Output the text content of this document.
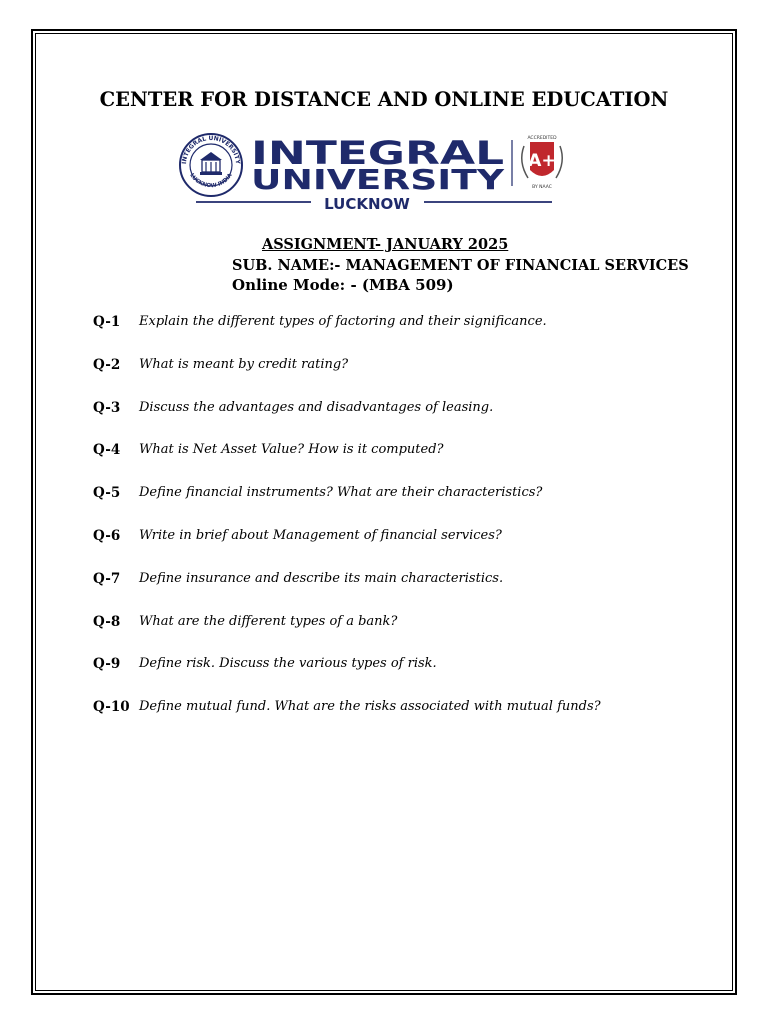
CENTER FOR DISTANCE AND ONLINE EDUCATION
INTEGRAL UNIVERSITY
LUCKNOW INDIA
INTEGRAL
UNIVERSITY
A+
ACCREDITED
BY NAAC
LUCKNOW
ASSIGNMENT- JANUARY 2025
SUB. NAME:- MANAGEMENT OF FINANCIAL SERVICES
Online Mode: - (MBA 509)
Q-1	Explain the different types of factoring and their significance.
Q-2	What is meant by credit rating?
Q-3	Discuss the advantages and disadvantages of leasing.
Q-4	What is Net Asset Value? How is it computed?
Q-5	Define financial instruments? What are their characteristics?
Q-6	Write in brief about Management of financial services?
Q-7	Define insurance and describe its main characteristics.
Q-8	What are the different types of a bank?
Q-9	Define risk. Discuss the various types of risk.
Q-10 Define mutual fund. What are the risks associated with mutual funds?
